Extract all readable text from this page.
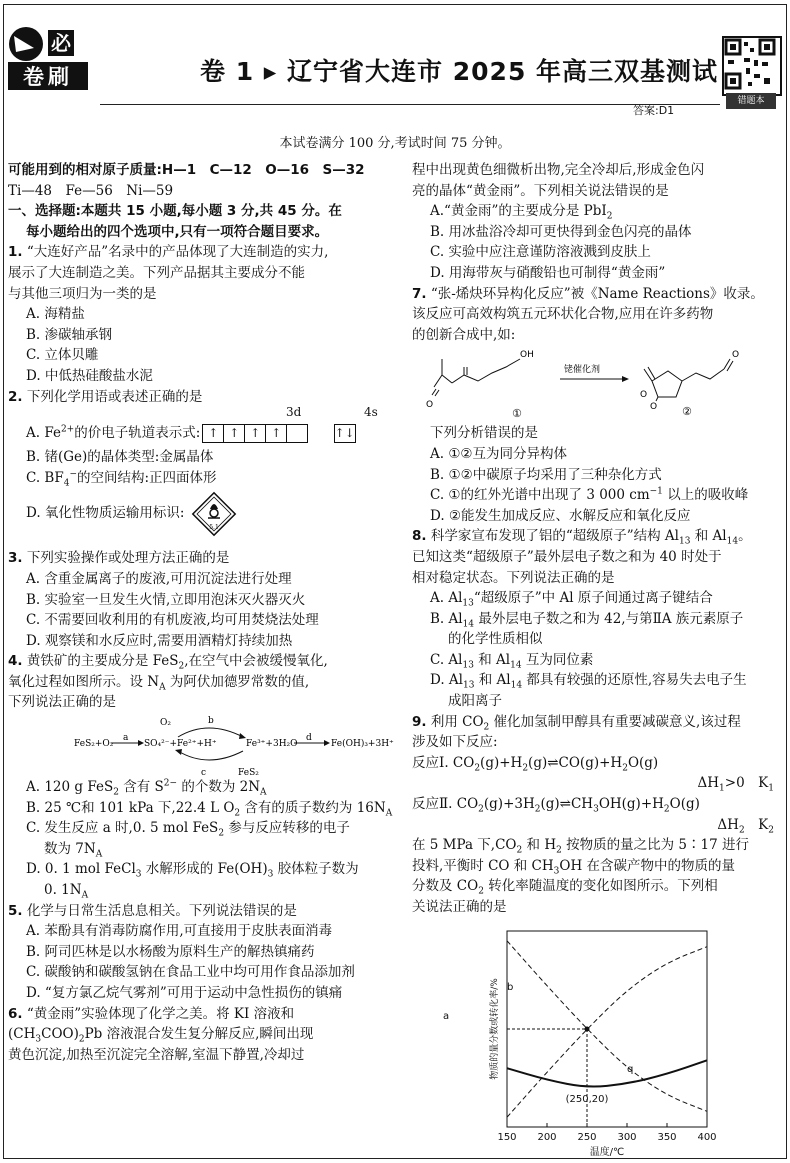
必
卷刷	卷 1 ▸ 辽宁省大连市 2025 年高三双基测试
答案:D1
错题本
本试卷满分 100 分,考试时间 75 分钟。
可能用到的相对原子质量:H—1　C—12　O—16　S—32
Ti—48　Fe—56　Ni—59
一、选择题:本题共 15 小题,每小题 3 分,共 45 分。在
每小题给出的四个选项中,只有一项符合题目要求。
1. “大连好产品”名录中的产品体现了大连制造的实力,
展示了大连制造之美。下列产品据其主要成分不能
与其他三项归为一类的是
A. 海精盐
B. 渗碳轴承钢
C. 立体贝雕
D. 中低热硅酸盐水泥
2. 下列化学用语或表述正确的是
3d	4s
A. $Fe^{2+}$的价电子轨道表示式: ↑ ↑ ↑ ↑	↑↓
B. 锗(Ge)的晶体类型:金属晶体
C. $BF_4^-$的空间结构:正四面体形
D. 氧化性物质运输用标识:
5.1
3. 下列实验操作或处理方法正确的是
A. 含重金属离子的废液,可用沉淀法进行处理
B. 实验室一旦发生火情,立即用泡沫灭火器灭火
C. 不需要回收利用的有机废液,均可用焚烧法处理
D. 观察镁和水反应时,需要用酒精灯持续加热
4. 黄铁矿的主要成分是 FeS$_2$,在空气中会被缓慢氧化,
氧化过程如图所示。设 $N_A$ 为阿伏加德罗常数的值,
下列说法正确的是
FeS₂+O₂
a
SO₄²⁻+Fe²⁺+H⁺
O₂	b
c	FeS₂
Fe³⁺+3H₂O
d
Fe(OH)₃+3H⁺
A. 120 g FeS$_2$ 含有 $S^{2-}$ 的个数为 $2N_A$
B. 25 ℃和 101 kPa 下,22.4 L $O_2$ 含有的质子数约为 $16N_A$
C. 发生反应 a 时,0. 5 mol FeS$_2$ 参与反应转移的电子
数为 $7N_A$
D. 0. 1 mol FeCl$_3$ 水解形成的 $Fe(OH)_3$ 胶体粒子数为
0. $1N_A$
5. 化学与日常生活息息相关。下列说法错误的是
A. 苯酚具有消毒防腐作用,可直接用于皮肤表面消毒
B. 阿司匹林是以水杨酸为原料生产的解热镇痛药
C. 碳酸钠和碳酸氢钠在食品工业中均可用作食品添加剂
D. “复方氯乙烷气雾剂”可用于运动中急性损伤的镇痛
6. “黄金雨”实验体现了化学之美。将 KI 溶液和
$(CH_3COO)_2Pb$ 溶液混合发生复分解反应,瞬间出现
黄色沉淀,加热至沉淀完全溶解,室温下静置,冷却过
程中出现黄色细微析出物,完全冷却后,形成金色闪
亮的晶体“黄金雨”。下列相关说法错误的是
A.“黄金雨”的主要成分是 PbI$_2$
B. 用冰盐浴冷却可更快得到金色闪亮的晶体
C. 实验中应注意谨防溶液溅到皮肤上
D. 用海带灰与硝酸铅也可制得“黄金雨”
7. “张-烯炔环异构化反应”被《Name Reactions》收录。
该反应可高效构筑五元环状化合物,应用在许多药物
的创新合成中,如:
OH
O
①
铑催化剂
O
O
O
②
下列分析错误的是
A. ①②互为同分异构体
B. ①②中碳原子均采用了三种杂化方式
C. ①的红外光谱中出现了 3 000 $cm^{-1}$ 以上的吸收峰
D. ②能发生加成反应、水解反应和氧化反应
8. 科学家宣布发现了铝的“超级原子”结构 $Al_{13}$ 和 $Al_{14}$。
已知这类“超级原子”最外层电子数之和为 40 时处于
相对稳定状态。下列说法正确的是
A. $Al_{13}“$超级原子”中 Al 原子间通过离子键结合
B. $Al_{14}$ 最外层电子数之和为 42,与第ⅡA 族元素原子
的化学性质相似
C. $Al_{13}$ 和 $Al_{14}$ 互为同位素
D. $Al_{13}$ 和 $Al_{14}$ 都具有较强的还原性,容易失去电子生
成阳离子
9. 利用 $CO_2$ 催化加氢制甲醇具有重要减碳意义,该过程
涉及如下反应:
反应Ⅰ. $CO_2(g)+H_2(g)\rightleftharpoons CO(g)+H_2O(g)$
$\Delta H_1>0$　$K_1$
反应Ⅱ. $CO_2(g)+3H_2(g)\rightleftharpoons CH_3OH(g)+H_2O(g)$
$\Delta H_2$　$K_2$
在 5 MPa 下$,CO_2$ 和 $H_2$ 按物质的量之比为 5∶17 进行
投料,平衡时 CO 和 $CH_3OH$ 在含碳产物中的物质的量
分数及 $CO_2$ 转化率随温度的变化如图所示。下列相
关说法正确的是
150 200 250 300 350 400
温度/℃
物质的量分数或转化率/%
a
b
q
(250,20)
